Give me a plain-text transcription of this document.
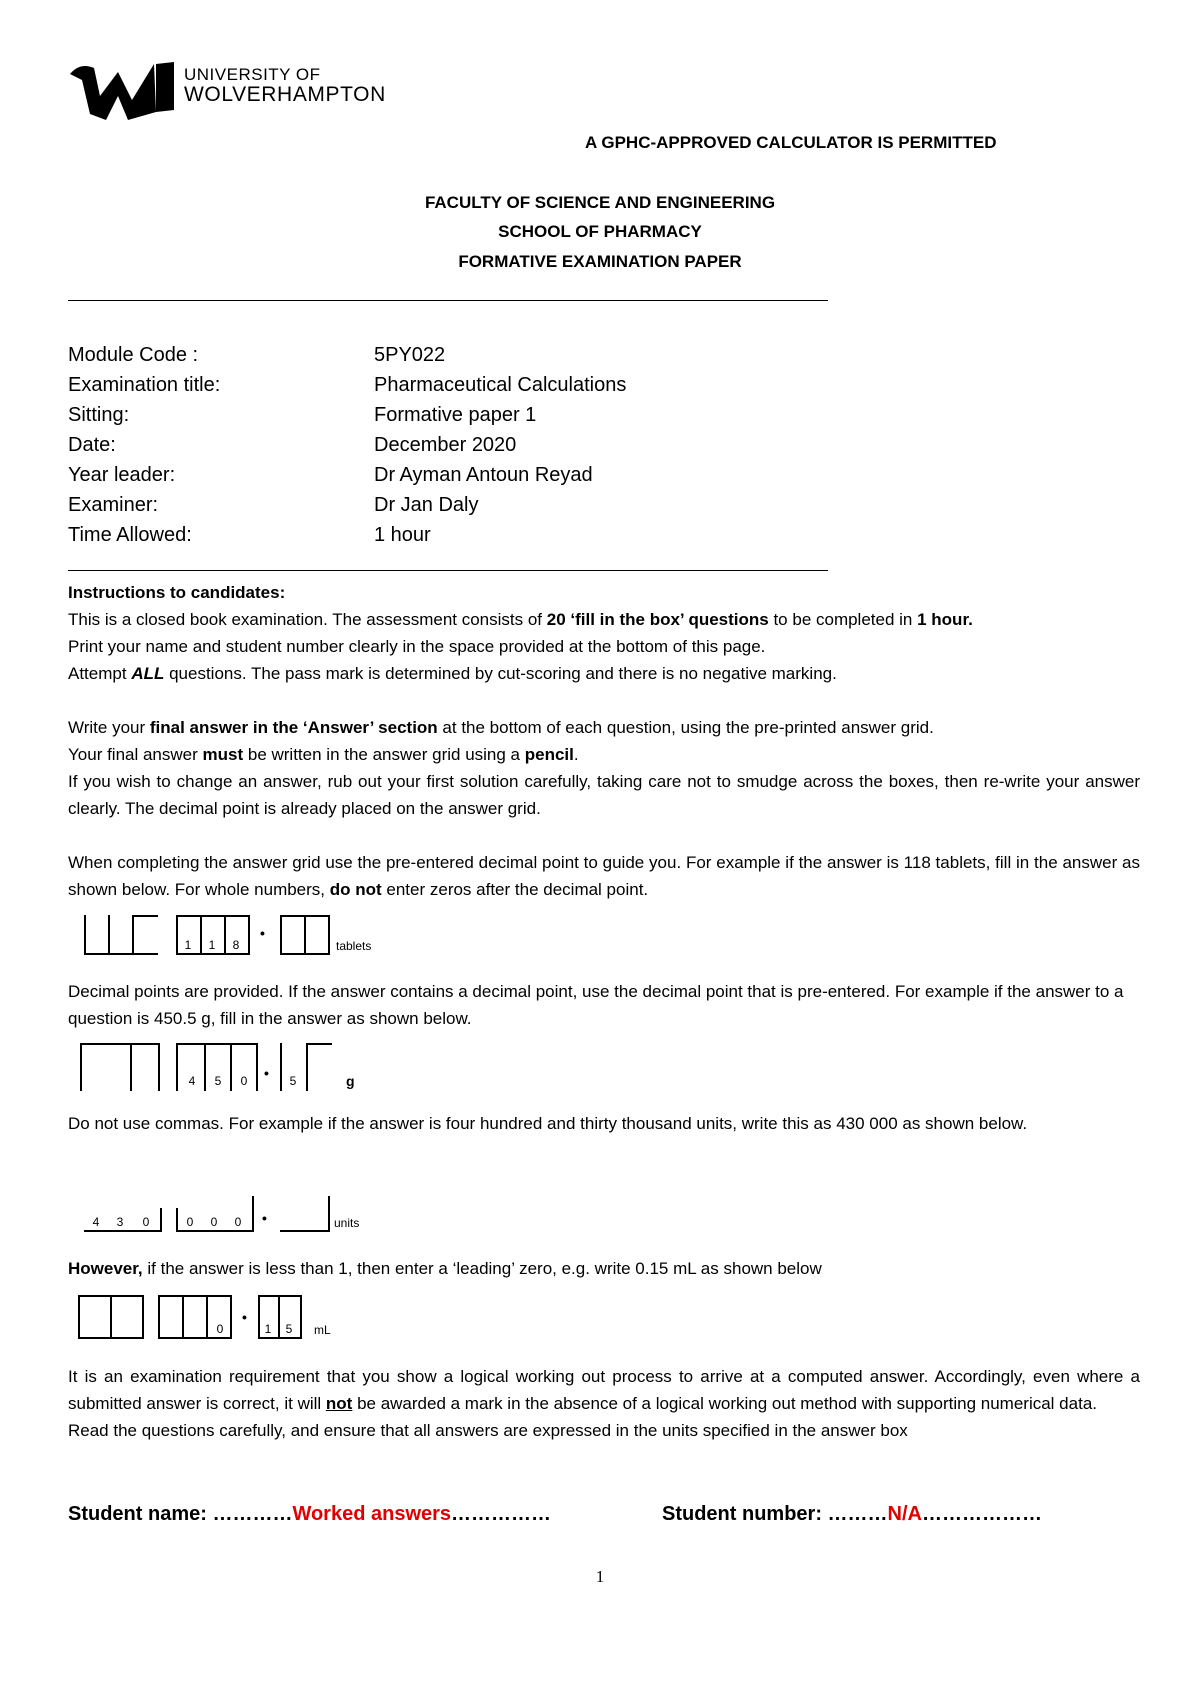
UNIVERSITY OF
WOLVERHAMPTON
A GPHC-APPROVED CALCULATOR IS PERMITTED
FACULTY OF SCIENCE AND ENGINEERING
SCHOOL OF PHARMACY
FORMATIVE EXAMINATION PAPER
Module Code :	5PY022
Examination title:	Pharmaceutical Calculations
Sitting:	Formative paper 1
Date:	December 2020
Year leader:	Dr Ayman Antoun Reyad
Examiner:	Dr Jan Daly
Time Allowed:	1 hour

Instructions to candidates:

This is a closed book examination. The assessment consists of 20 ‘fill in the box’ questions to be completed in 1 hour.

Print your name and student number clearly in the space provided at the bottom of this page.

Attempt ALL questions. The pass mark is determined by cut-scoring and there is no negative marking.

Write your final answer in the ‘Answer’ section at the bottom of each question, using the pre-printed answer grid.

Your final answer must be written in the answer grid using a pencil.

If you wish to change an answer, rub out your first solution carefully, taking care not to smudge across the boxes, then re-write your answer clearly. The decimal point is already placed on the answer grid.

When completing the answer grid use the pre-entered decimal point to guide you. For example if the answer is 118 tablets, fill in the answer as shown below. For whole numbers, do not enter zeros after the decimal point.

1	1	8
•
tablets
Decimal points are provided. If the answer contains a decimal point, use the decimal point that is pre-entered. For example if the answer to a question is 450.5 g, fill in the answer as shown below.
4	5	0	•	5	g
Do not use commas. For example if the answer is four hundred and thirty thousand units, write this as 430 000 as shown below.
4	3	0	0	0	0	•	units
However, if the answer is less than 1, then enter a ‘leading’ zero, e.g. write 0.15 mL as shown below
0
•
1	5	mL

It is an examination requirement that you show a logical working out process to arrive at a computed answer. Accordingly, even where a submitted answer is correct, it will not be awarded a mark in the absence of a logical working out method with supporting numerical data.

Read the questions carefully, and ensure that all answers are expressed in the units specified in the answer box

Student name: …………Worked answers……………	Student number: ………N/A………………
1
